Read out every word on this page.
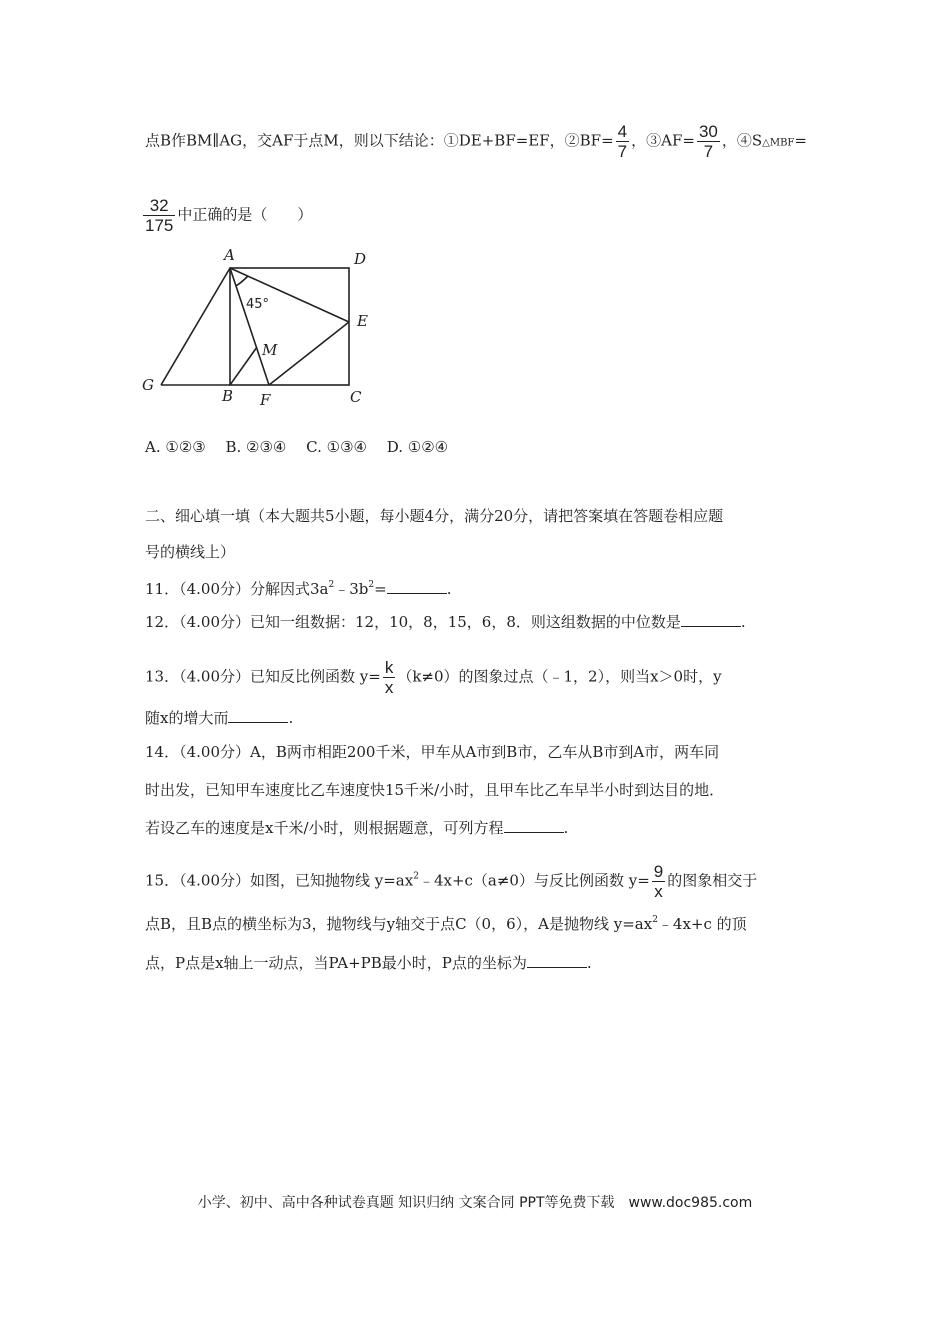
点B作BM∥AG，交AF于点M，则以下结论：①DE+BF=EF，②BF= $\frac{4}{7}$ ，③AF= $\frac{30}{7}$ ，④S△MBF=
$\frac{32}{175}$ 中正确的是（　　）
A	D
E
M
G
B F	C
45°
A. ①②③　 B. ②③④　 C. ①③④　 D. ①②④
二、细心填一填（本大题共5小题，每小题4分，满分20分，请把答案填在答题卷相应题
号的横线上）
11．（4.00分）分解因式$3a^2﹣3b^2=$	.
12．（4.00分）已知一组数据：12，10，8，15，6，8．则这组数据的中位数是	.
13．（4.00分）已知反比例函数 $y= \frac{k}{x} (k\ne 0)$的图象过点（﹣1，2），则当x＞0时，y
随x的增大而	.
14．（4.00分）A，B两市相距200千米，甲车从A市到B市，乙车从B市到A市，两车同
时出发，已知甲车速度比乙车速度快15千米/小时，且甲车比乙车早半小时到达目的地．
若设乙车的速度是x千米/小时，则根据题意，可列方程	.
15．（4.00分）如图，已知抛物线 $y=ax^2﹣4x+c(a\ne 0)$与反比例函数 $y= \frac{9}{x}$ 的图象相交于
点B，且B点的横坐标为3，抛物线与y轴交于点C（0，6），A是抛物线 $y=ax^2﹣4x+c$ 的顶
点，P点是x轴上一动点，当PA+PB最小时，P点的坐标为	.
小学、初中、高中各种试卷真题 知识归纳 文案合同 PPT等免费下载　www.doc985.com
